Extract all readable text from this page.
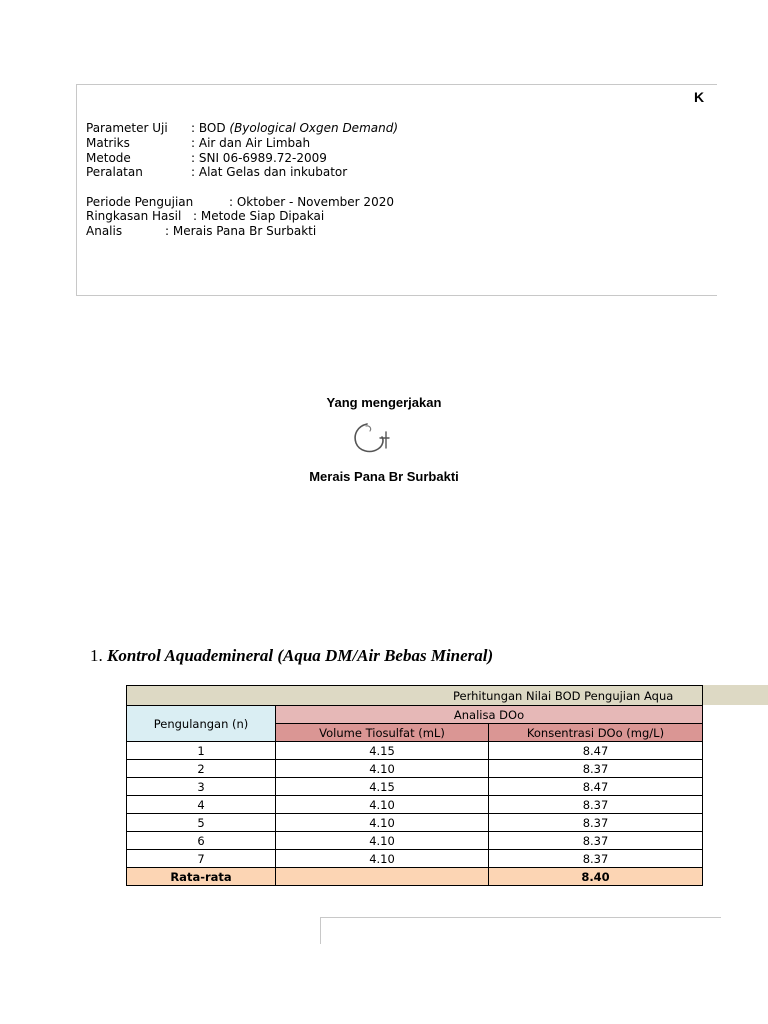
K
Parameter Uji : BOD (Byological Oxgen Demand)
Matriks	: Air dan Air Limbah
Metode	: SNI 06-6989.72-2009
Peralatan	: Alat Gelas dan inkubator
Periode Pengujian	: Oktober - November 2020
Ringkasan Hasil : Metode Siap Dipakai
Analis	: Merais Pana Br Surbakti
Yang mengerjakan
Merais Pana Br Surbakti
1. Kontrol Aquademineral (Aqua DM/Air Bebas Mineral)
Perhitungan Nilai BOD Pengujian Aqua		
Pengulangan (n)	Analisa DOo	
	Volume Tiosulfat (mL)	Konsentrasi DOo (mg/L)
1	4.15	8.47
2	4.10	8.37
3	4.15	8.47
4	4.10	8.37
5	4.10	8.37
6	4.10	8.37
7	4.10	8.37
Rata-rata		8.40
